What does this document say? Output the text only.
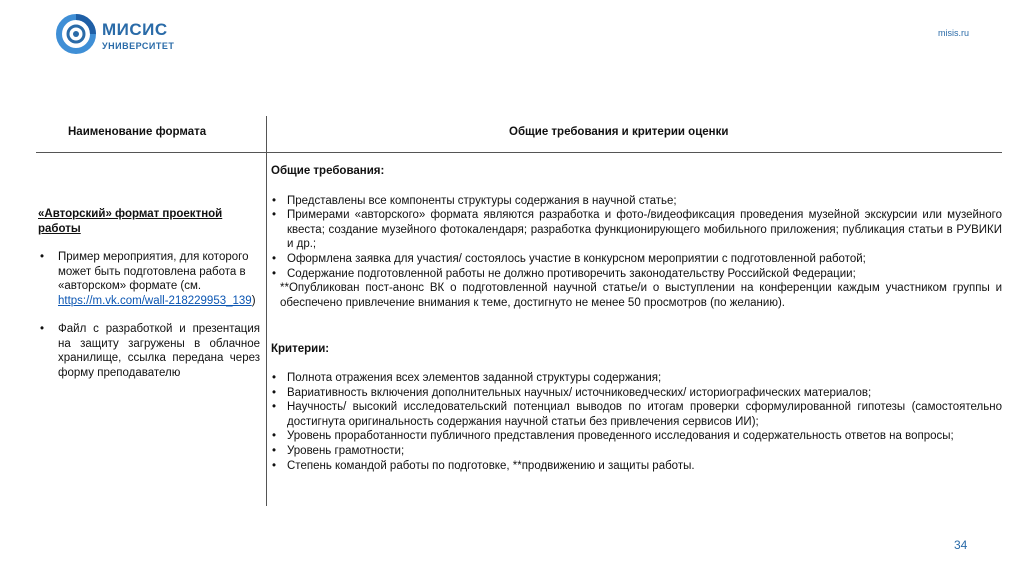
МИСИС
УНИВЕРСИТЕТ
misis.ru
Наименование формата	Общие требования и критерии оценки

«Авторский» формат проектной работы

• Пример мероприятия, для которого может быть подготовлена работа в «авторском» формате (см. https://m.vk.com/wall-218229953_139)
• Файл с разработкой и презентация на защиту загружены в облачное хранилище, ссылка передана через форму преподавателю

Общие требования:

• Представлены все компоненты структуры содержания в научной статье;
• Примерами «авторского» формата являются разработка и фото-/видеофиксация проведения музейной экскурсии или музейного квеста; создание музейного фотокалендаря; разработка функционирующего мобильного приложения; публикация статьи в РУВИКИ и др.;
• Оформлена заявка для участия/ состоялось участие в конкурсном мероприятии с подготовленной работой;
• Содержание подготовленной работы не должно противоречить законодательству Российской Федерации;
**Опубликован пост-анонс ВК о подготовленной научной статье/и о выступлении на конференции каждым участником группы и обеспечено привлечение внимания к теме, достигнуто не менее 50 просмотров (по желанию).

Критерии:

• Полнота отражения всех элементов заданной структуры содержания;
• Вариативность включения дополнительных научных/ источниковедческих/ историографических материалов;
• Научность/ высокий исследовательский потенциал выводов по итогам проверки сформулированной гипотезы (самостоятельно достигнута оригинальность содержания научной статьи без привлечения сервисов ИИ);
• Уровень проработанности публичного представления проведенного исследования и содержательность ответов на вопросы;
• Уровень грамотности;
• Степень командой работы по подготовке, **продвижению и защиты работы.
34
